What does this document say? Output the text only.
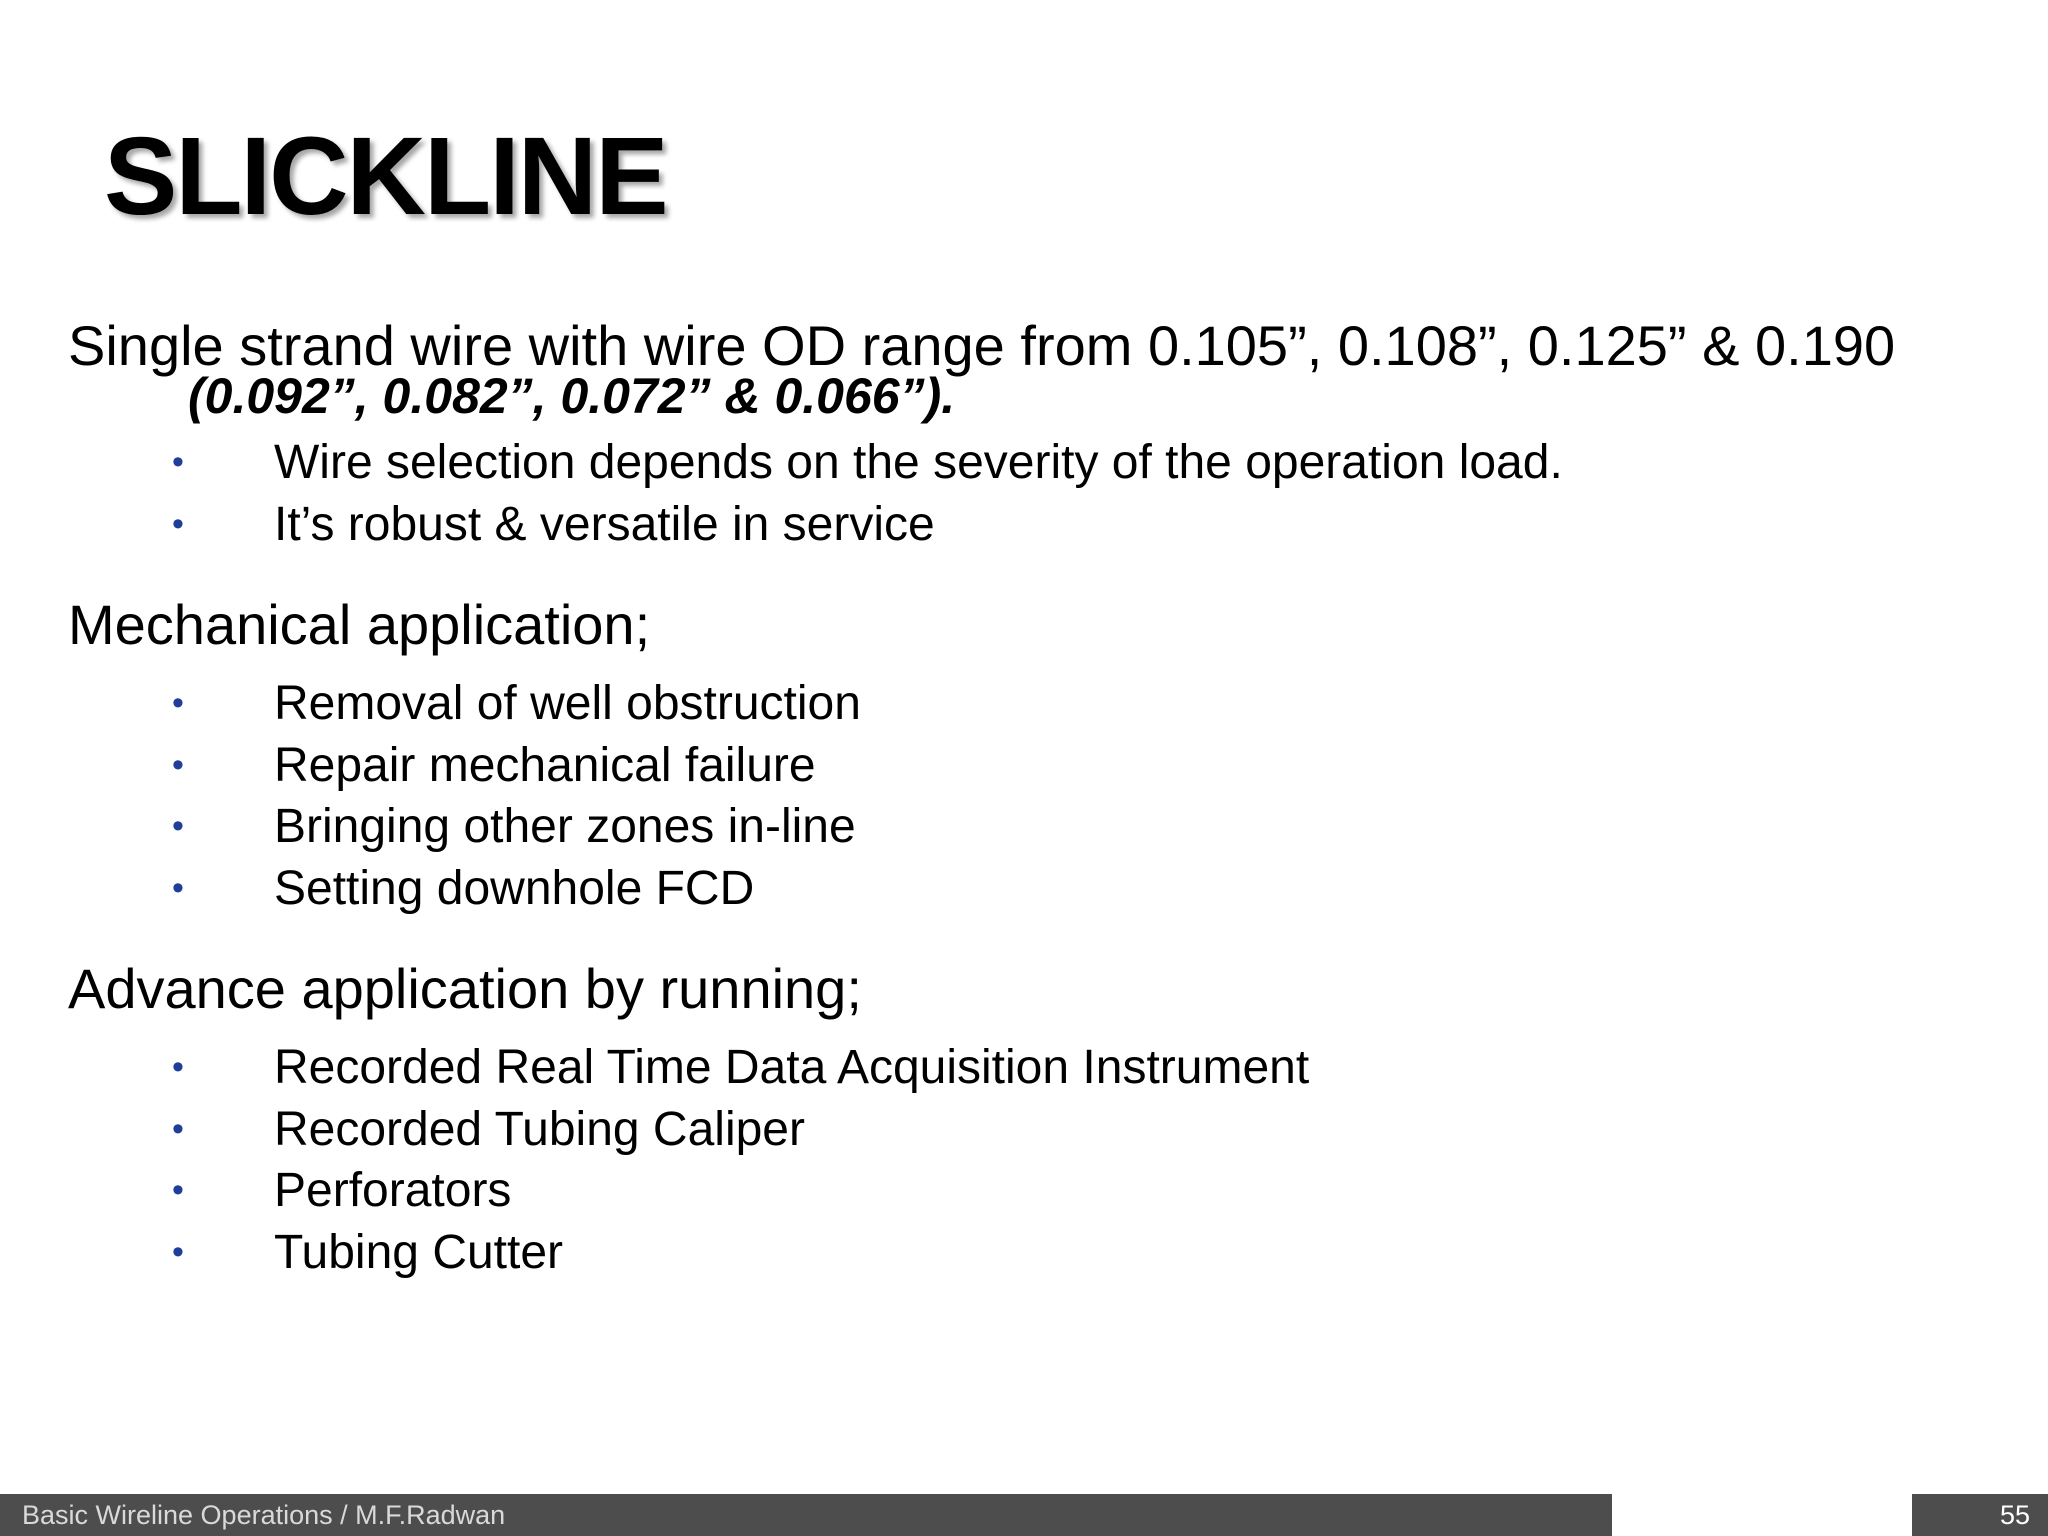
SLICKLINE

Single strand wire with wire OD range from 0.105”, 0.108”, 0.125” & 0.190

(0.092”, 0.082”, 0.072” & 0.066”).

• Wire selection depends on the severity of the operation load.
• It’s robust & versatile in service

Mechanical application;

• Removal of well obstruction
• Repair mechanical failure
• Bringing other zones in-line
• Setting downhole FCD

Advance application by running;

• Recorded Real Time Data Acquisition Instrument
• Recorded Tubing Caliper
• Perforators
• Tubing Cutter
Basic Wireline Operations / M.F.Radwan	55
